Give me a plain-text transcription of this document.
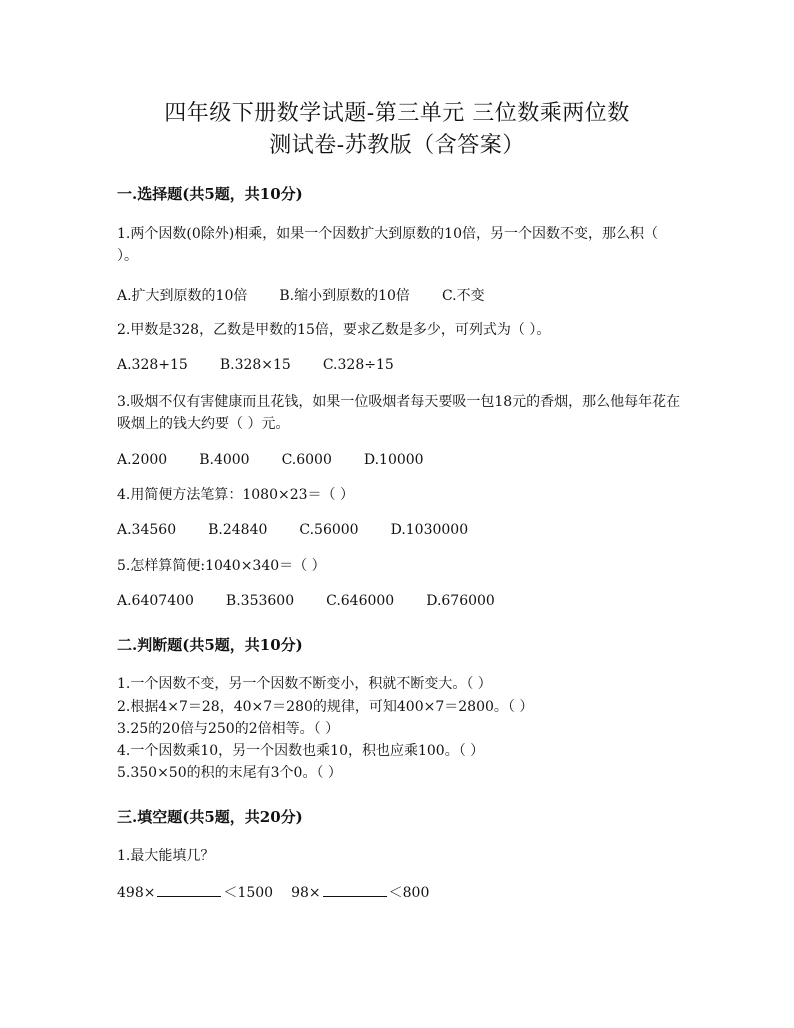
四年级下册数学试题-第三单元 三位数乘两位数
测试卷-苏教版（含答案）
一.选择题(共5题，共10分)
1.两个因数(0除外)相乘，如果一个因数扩大到原数的10倍，另一个因数不变，那么积（ ）。
A.扩大到原数的10倍 B.缩小到原数的10倍 C.不变
2.甲数是328，乙数是甲数的15倍，要求乙数是多少，可列式为（ ）。
A.328+15 B.328×15 C.328÷15
3.吸烟不仅有害健康而且花钱，如果一位吸烟者每天要吸一包18元的香烟，那么他每年花在吸烟上的钱大约要（ ）元。
A.2000 B.4000 C.6000 D.10000
4.用简便方法笔算：1080×23＝（ ）
A.34560 B.24840 C.56000 D.1030000
5.怎样算简便:1040×340＝（ ）
A.6407400 B.353600 C.646000 D.676000
二.判断题(共5题，共10分)
1.一个因数不变，另一个因数不断变小，积就不断变大。（ ）
2.根据4×7＝28，40×7＝280的规律，可知400×7＝2800。（ ）
3.25的20倍与250的2倍相等。（ ）
4.一个因数乘10，另一个因数也乘10，积也应乘100。（ ）
5.350×50的积的末尾有3个0。（ ）
三.填空题(共5题，共20分)
1.最大能填几？
498×	＜1500 98×	＜800
